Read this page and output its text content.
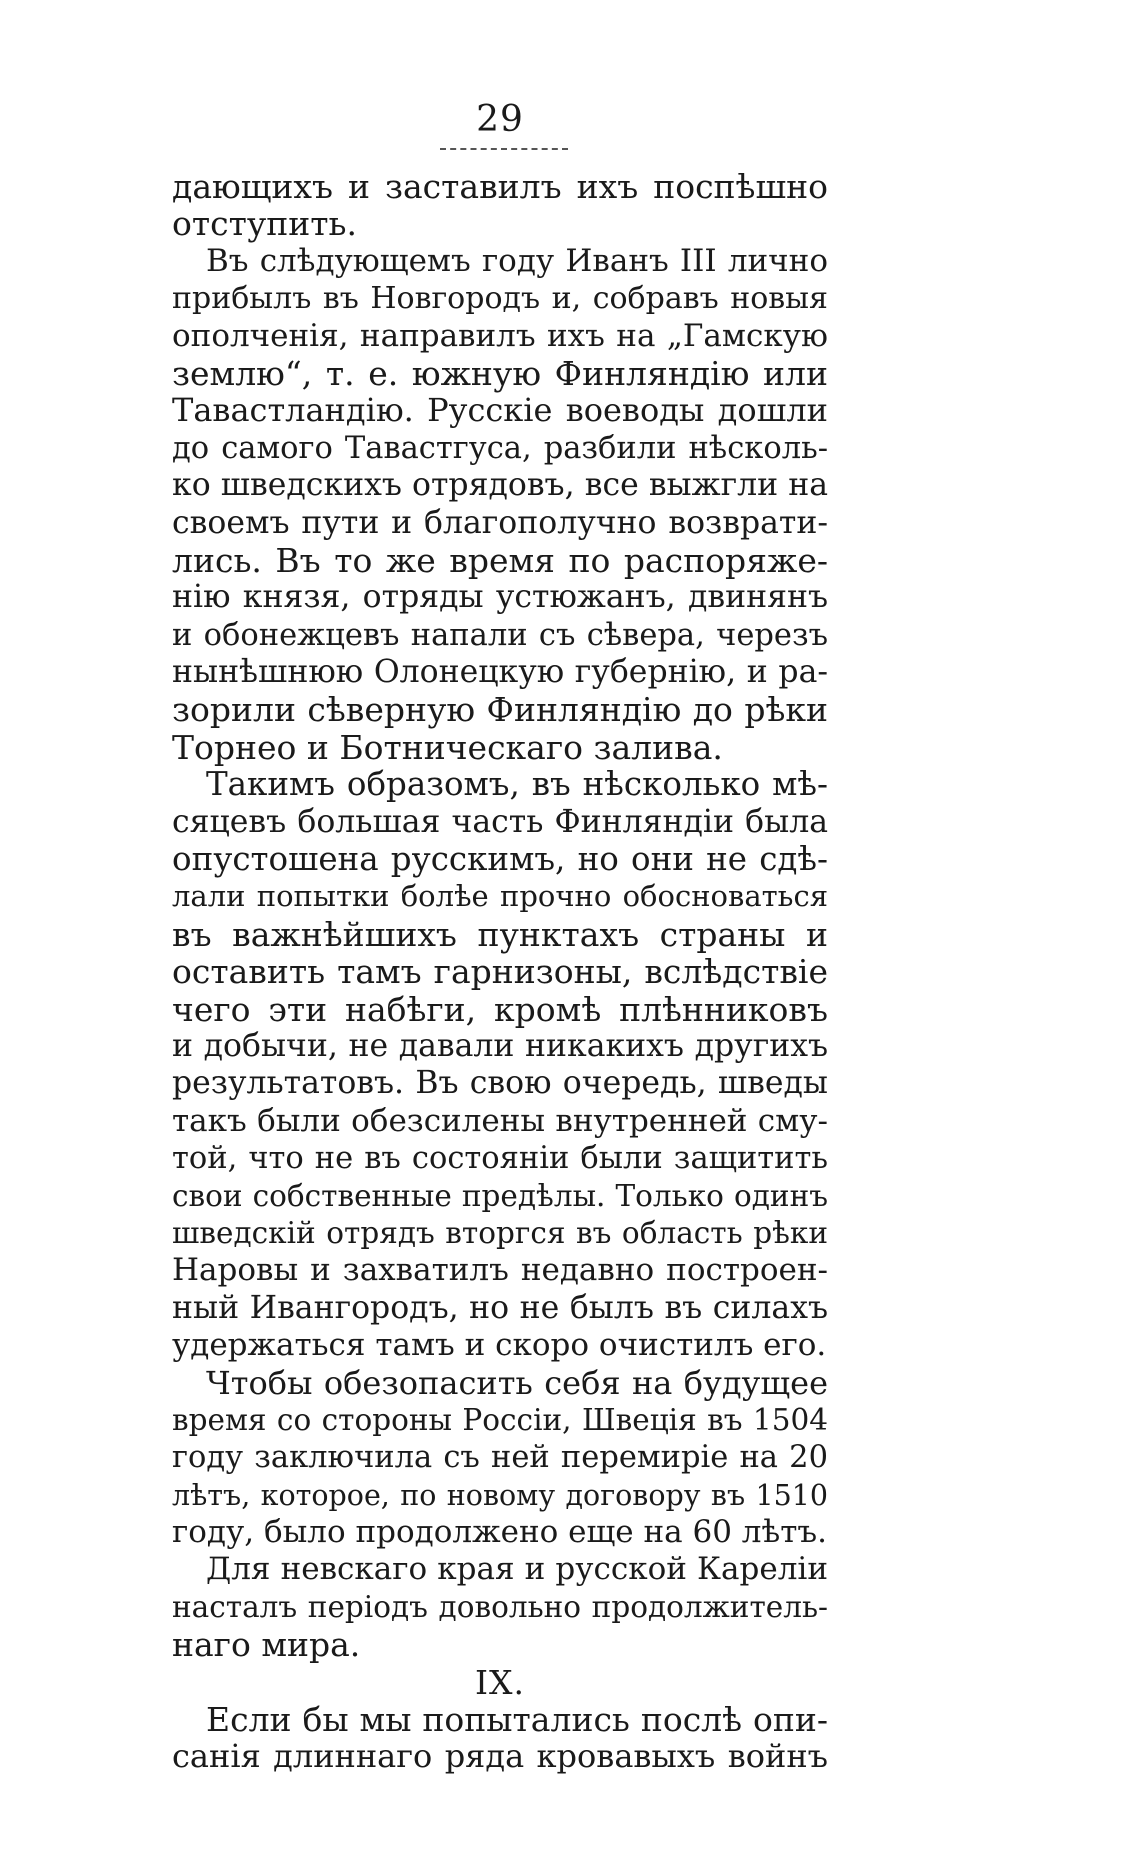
29
дающихъ и заставилъ ихъ поспѣшно
отступить.
Въ слѣдующемъ году Иванъ III лично
прибылъ въ Новгородъ и, собравъ новыя
ополченія, направилъ ихъ на „Гамскую
землю“, т. е. южную Финляндію или
Тавастландію. Русскіе воеводы дошли
до самого Тавастгуса, разбили нѣсколь-
ко шведскихъ отрядовъ, все выжгли на
своемъ пути и благополучно возврати-
лись. Въ то же время по распоряже-
нію князя, отряды устюжанъ, двинянъ
и обонежцевъ напали съ сѣвера, черезъ
нынѣшнюю Олонецкую губернію, и ра-
зорили сѣверную Финляндію до рѣки
Торнео и Ботническаго залива.
Такимъ образомъ, въ нѣсколько мѣ-
сяцевъ большая часть Финляндіи была
опустошена русскимъ, но они не сдѣ-
лали попытки болѣе прочно обосноваться
въ важнѣйшихъ пунктахъ страны и
оставить тамъ гарнизоны, вслѣдствіе
чего эти набѣги, кромѣ плѣнниковъ
и добычи, не давали никакихъ другихъ
результатовъ. Въ свою очередь, шведы
такъ были обезсилены внутренней сму-
той, что не въ состояніи были защитить
свои собственные предѣлы. Только одинъ
шведскій отрядъ вторгся въ область рѣки
Наровы и захватилъ недавно построен-
ный Ивангородъ, но не былъ въ силахъ
удержаться тамъ и скоро очистилъ его.
Чтобы обезопасить себя на будущее
время со стороны Россіи, Швеція въ 1504
году заключила съ ней перемиріе на 20
лѣтъ, которое, по новому договору въ 1510
году, было продолжено еще на 60 лѣтъ.
Для невскаго края и русской Кареліи
насталъ періодъ довольно продолжитель-
наго мира.
IX.
Если бы мы попытались послѣ опи-
санія длиннаго ряда кровавыхъ войнъ
